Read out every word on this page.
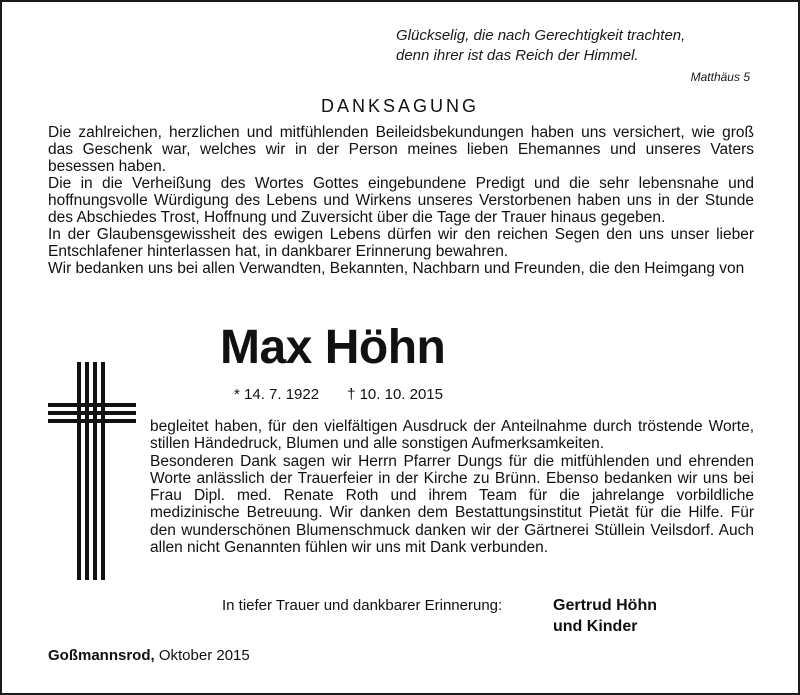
Glückselig, die nach Gerechtigkeit trachten,
denn ihrer ist das Reich der Himmel.
Matthäus 5
DANKSAGUNG

Die zahlreichen, herzlichen und mitfühlenden Beileidsbekundungen haben uns versichert, wie groß das Geschenk war, welches wir in der Person meines lieben Ehemannes und unseres Vaters besessen haben.

Die in die Verheißung des Wortes Gottes eingebundene Predigt und die sehr lebensnahe und hoffnungsvolle Würdigung des Lebens und Wirkens unseres Verstorbenen haben uns in der Stunde des Abschiedes Trost, Hoffnung und Zuversicht über die Tage der Trauer hinaus gegeben.

In der Glaubensgewissheit des ewigen Lebens dürfen wir den reichen Segen den uns unser lieber Entschlafener hinterlassen hat, in dankbarer Erinnerung bewahren.

Wir bedanken uns bei allen Verwandten, Bekannten, Nachbarn und Freunden, die den Heimgang von

Max Höhn
* 14. 7. 1922 † 10. 10. 2015

begleitet haben, für den vielfältigen Ausdruck der Anteilnahme durch tröstende Worte, stillen Händedruck, Blumen und alle sonstigen Aufmerksamkeiten.

Besonderen Dank sagen wir Herrn Pfarrer Dungs für die mitfühlenden und ehrenden Worte anlässlich der Trauerfeier in der Kirche zu Brünn. Ebenso bedanken wir uns bei Frau Dipl. med. Renate Roth und ihrem Team für die jahrelange vorbildliche medizinische Betreuung. Wir danken dem Bestattungsinstitut Pietät für die Hilfe. Für den wunderschönen Blumenschmuck danken wir der Gärtnerei Stüllein Veilsdorf. Auch allen nicht Genannten fühlen wir uns mit Dank verbunden.

In tiefer Trauer und dankbarer Erinnerung:	Gertrud Höhn
und Kinder
Goßmannsrod, Oktober 2015
